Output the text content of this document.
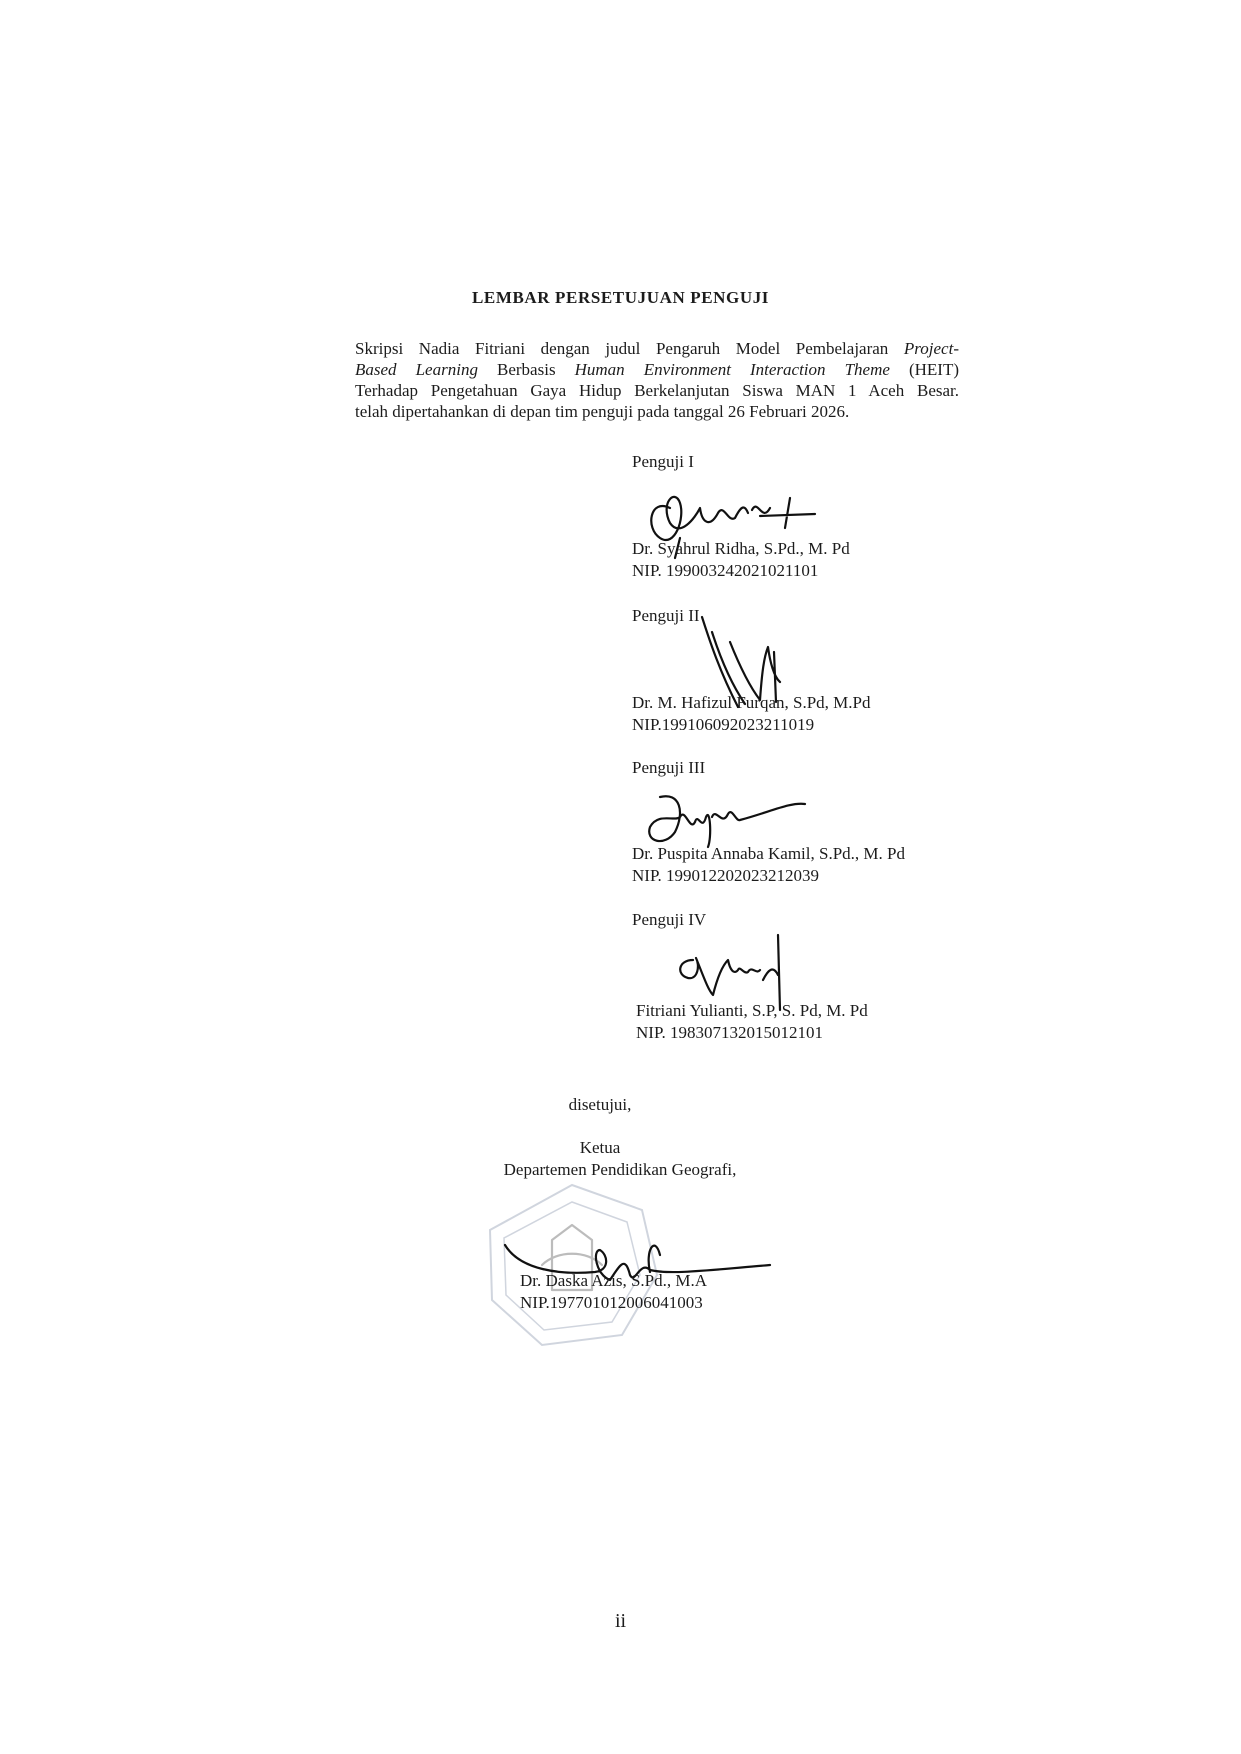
LEMBAR PERSETUJUAN PENGUJI
Skripsi Nadia Fitriani dengan judul Pengaruh Model Pembelajaran Project-
Based Learning Berbasis Human Environment Interaction Theme (HEIT)
Terhadap Pengetahuan Gaya Hidup Berkelanjutan Siswa MAN 1 Aceh Besar.
telah dipertahankan di depan tim penguji pada tanggal 26 Februari 2026.
Penguji I
Dr. Syahrul Ridha, S.Pd., M. Pd
NIP. 199003242021021101
Penguji II
Dr. M. Hafizul Furqan, S.Pd, M.Pd
NIP.199106092023211019
Penguji III
Dr. Puspita Annaba Kamil, S.Pd., M. Pd
NIP. 199012202023212039
Penguji IV
Fitriani Yulianti, S.P, S. Pd, M. Pd
NIP. 198307132015012101
disetujui,
Ketua
Departemen Pendidikan Geografi,
Dr. Daska Azis, S.Pd., M.A
NIP.197701012006041003
ii
